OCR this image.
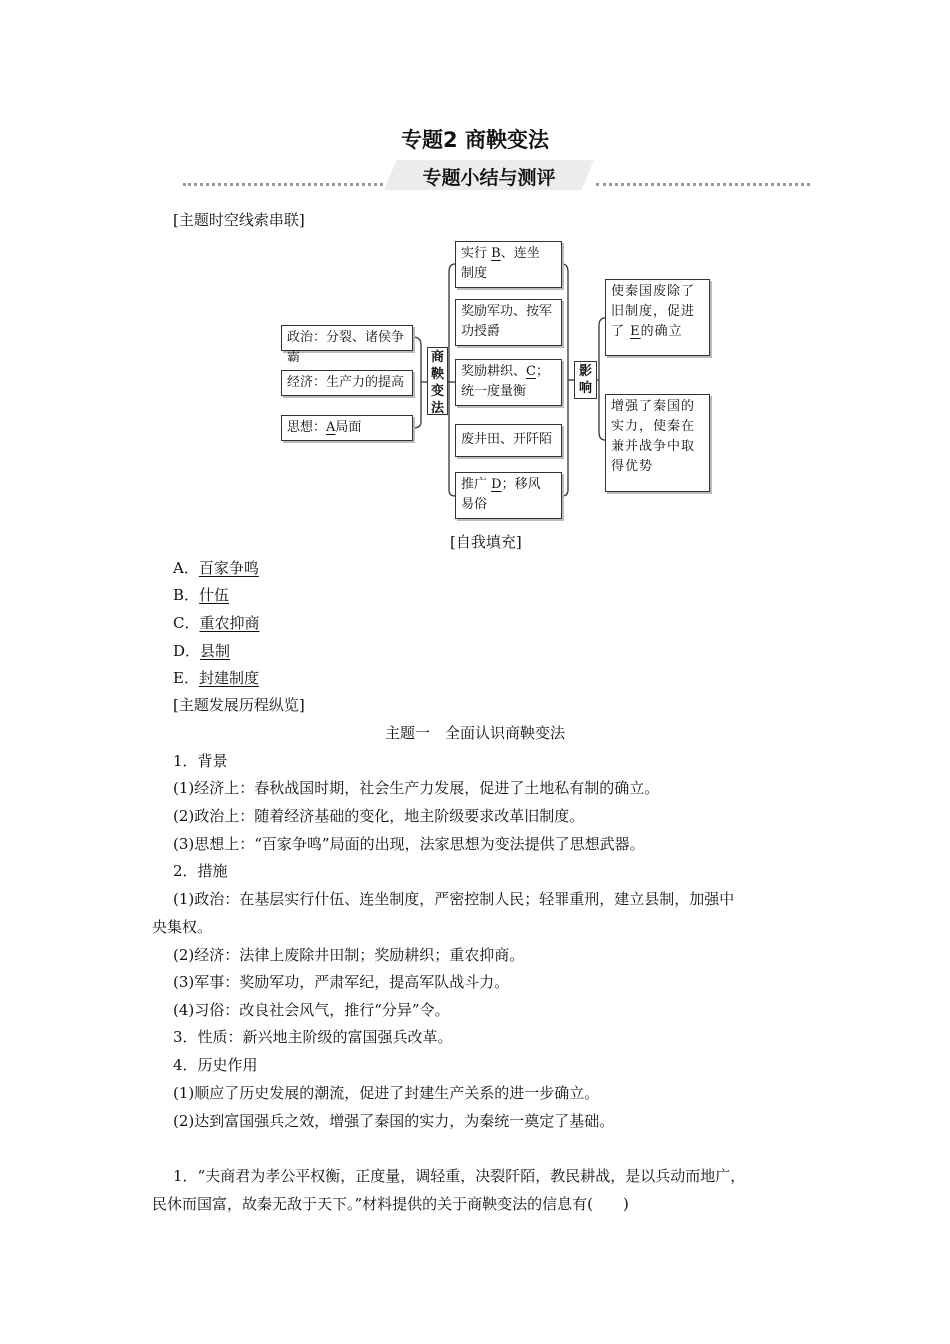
专题2 商鞅变法
专题小结与测评
[主题时空线索串联]
政治：分裂、诸侯争霸
经济：生产力的提高
思想：A局面
商鞅变法
实行 B、连坐
制度
奖励军功、按军
功授爵
奖励耕织、C；
统一度量衡
废井田、开阡陌
推广 D；移风
易俗
影响
使秦国废除了
旧制度，促进
了 E的确立
增强了秦国的
实力，使秦在
兼并战争中取
得优势
[自我填充]
A．百家争鸣
B．什伍
C．重农抑商
D．县制
E．封建制度
[主题发展历程纵览]
主题一　全面认识商鞅变法
1．背景
(1)经济上：春秋战国时期，社会生产力发展，促进了土地私有制的确立。
(2)政治上：随着经济基础的变化，地主阶级要求改革旧制度。
(3)思想上：“百家争鸣”局面的出现，法家思想为变法提供了思想武器。
2．措施
(1)政治：在基层实行什伍、连坐制度，严密控制人民；轻罪重刑，建立县制，加强中
央集权。
(2)经济：法律上废除井田制；奖励耕织；重农抑商。
(3)军事：奖励军功，严肃军纪，提高军队战斗力。
(4)习俗：改良社会风气，推行“分异”令。
3．性质：新兴地主阶级的富国强兵改革。
4．历史作用
(1)顺应了历史发展的潮流，促进了封建生产关系的进一步确立。
(2)达到富国强兵之效，增强了秦国的实力，为秦统一奠定了基础。
1．“夫商君为孝公平权衡，正度量，调轻重，决裂阡陌，教民耕战，是以兵动而地广，
民休而国富，故秦无敌于天下。”材料提供的关于商鞅变法的信息有(　　)
